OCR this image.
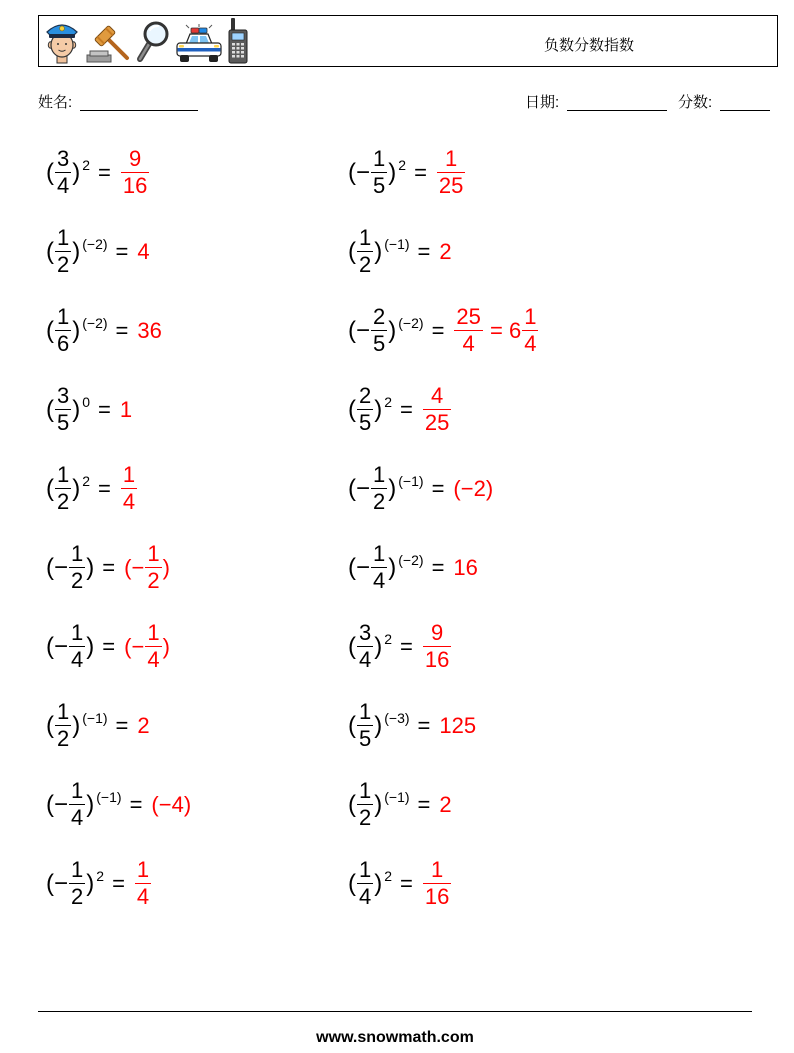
负数分数指数
姓名:	日期:	分数:
( $\frac{3}{4}$ ) $2 = \frac{9}{16}$	(− $\frac{1}{5}$ ) $2 = \frac{1}{25}$
( $\frac{1}{2}$ ) (−2) = 4	( $\frac{1}{2}$ ) (−1) = 2
( $\frac{1}{6}$ ) (−2) = 36	(− $\frac{2}{5}$ ) $(-2) = \frac{25}{4} = 6 \frac{1}{4}$
( $\frac{3}{5}$ ) 0 = 1	( $\frac{2}{5}$ ) $2 = \frac{4}{25}$
( $\frac{1}{2}$ ) $2 = \frac{1}{4}$	(− $\frac{1}{2}$ ) (−1) = (−2)
(− $\frac{1}{2}$ ) = (− $\frac{1}{2}$ )	(− $\frac{1}{4}$ ) (−2) = 16
(− $\frac{1}{4}$ ) = (− $\frac{1}{4}$ )	( $\frac{3}{4}$ ) $2 = \frac{9}{16}$
( $\frac{1}{2}$ ) (−1) = 2	( $\frac{1}{5}$ ) (−3) = 125
(− $\frac{1}{4}$ ) (−1) = (−4)	( $\frac{1}{2}$ ) (−1) = 2
(− $\frac{1}{2}$ ) $2 = \frac{1}{4}$	( $\frac{1}{4}$ ) $2 = \frac{1}{16}$
www.snowmath.com
